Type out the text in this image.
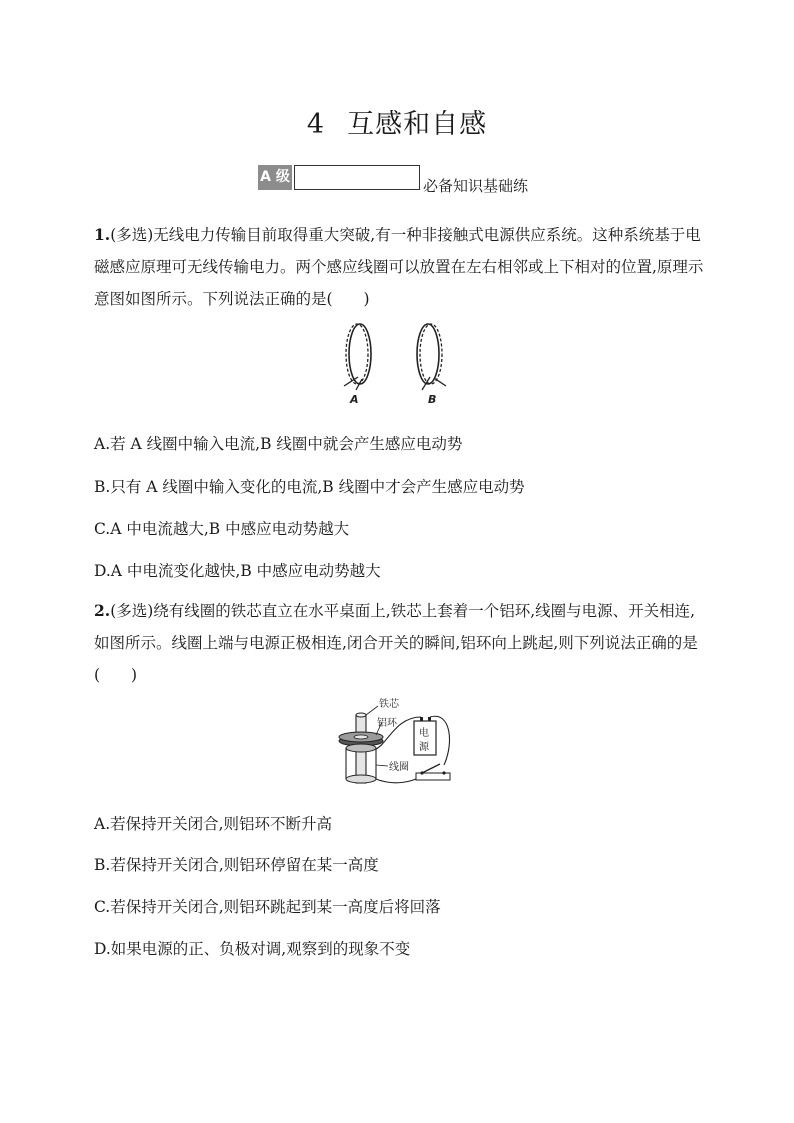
4 互感和自感
A 级	必备知识基础练
1.(多选)无线电力传输目前取得重大突破,有一种非接触式电源供应系统。这种系统基于电磁感应原理可无线传输电力。两个感应线圈可以放置在左右相邻或上下相对的位置,原理示意图如图所示。下列说法正确的是(　　)
A	B
A.若 A 线圈中输入电流,B 线圈中就会产生感应电动势
B.只有 A 线圈中输入变化的电流,B 线圈中才会产生感应电动势
C.A 中电流越大,B 中感应电动势越大
D.A 中电流变化越快,B 中感应电动势越大
2.(多选)绕有线圈的铁芯直立在水平桌面上,铁芯上套着一个铝环,线圈与电源、开关相连,如图所示。线圈上端与电源正极相连,闭合开关的瞬间,铝环向上跳起,则下列说法正确的是(　　)
铁芯
铝环
线圈
电
源
A.若保持开关闭合,则铝环不断升高
B.若保持开关闭合,则铝环停留在某一高度
C.若保持开关闭合,则铝环跳起到某一高度后将回落
D.如果电源的正、负极对调,观察到的现象不变
